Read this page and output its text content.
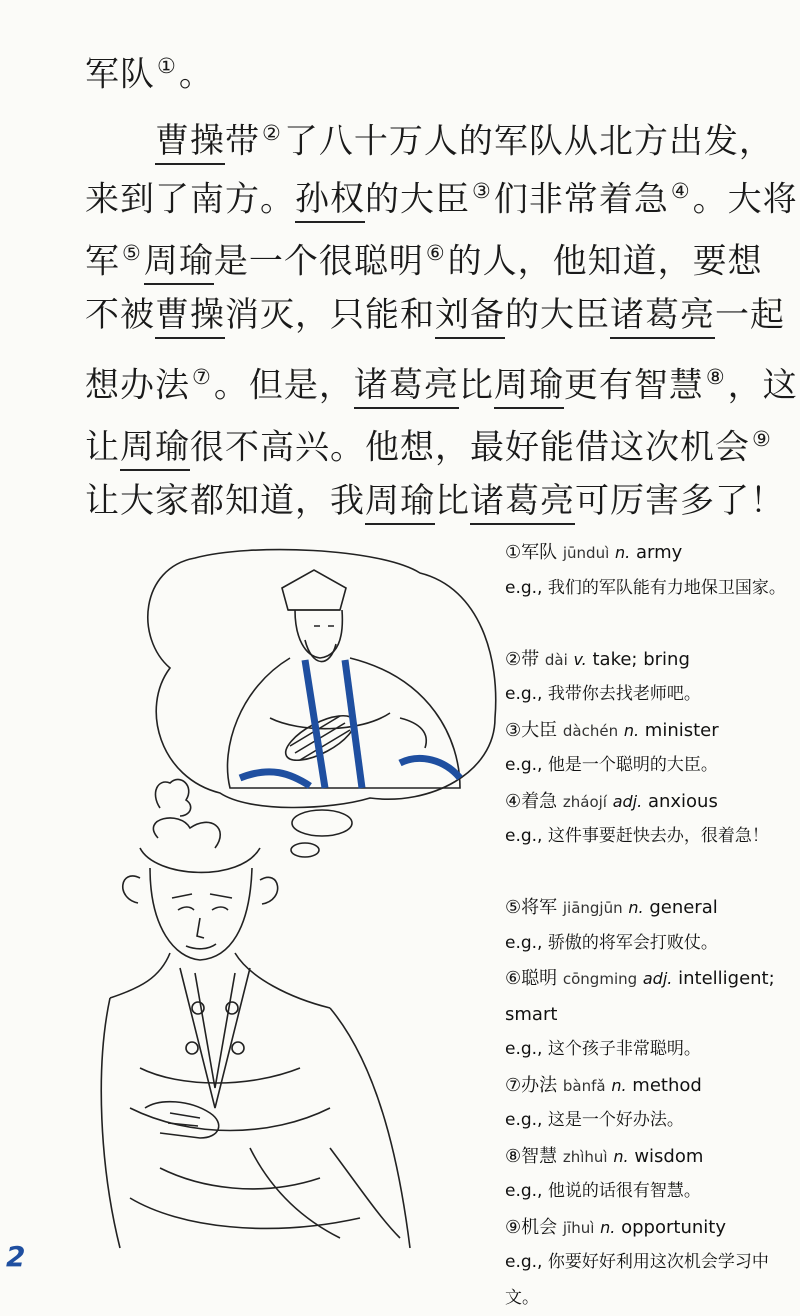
军队①。
　　曹操带②了八十万人的军队从北方出发，
来到了南方。孙权的大臣③们非常着急④。大将
军⑤周瑜是一个很聪明⑥的人，他知道，要想
不被曹操消灭，只能和刘备的大臣诸葛亮一起
想办法⑦。但是，诸葛亮比周瑜更有智慧⑧，这
让周瑜很不高兴。他想，最好能借这次机会⑨
让大家都知道，我周瑜比诸葛亮可厉害多了！
①军队 jūnduì n. army
e.g., 我们的军队能有力地保卫国家。
②带 dài v. take; bring
e.g., 我带你去找老师吧。
③大臣 dàchén n. minister
e.g., 他是一个聪明的大臣。
④着急 zháojí adj. anxious
e.g., 这件事要赶快去办，很着急！
⑤将军 jiāngjūn n. general
e.g., 骄傲的将军会打败仗。
⑥聪明 cōngming adj. intelligent;
smart
e.g., 这个孩子非常聪明。
⑦办法 bànfǎ n. method
e.g., 这是一个好办法。
⑧智慧 zhìhuì n. wisdom
e.g., 他说的话很有智慧。
⑨机会 jīhuì n. opportunity
e.g., 你要好好利用这次机会学习中文。
2
